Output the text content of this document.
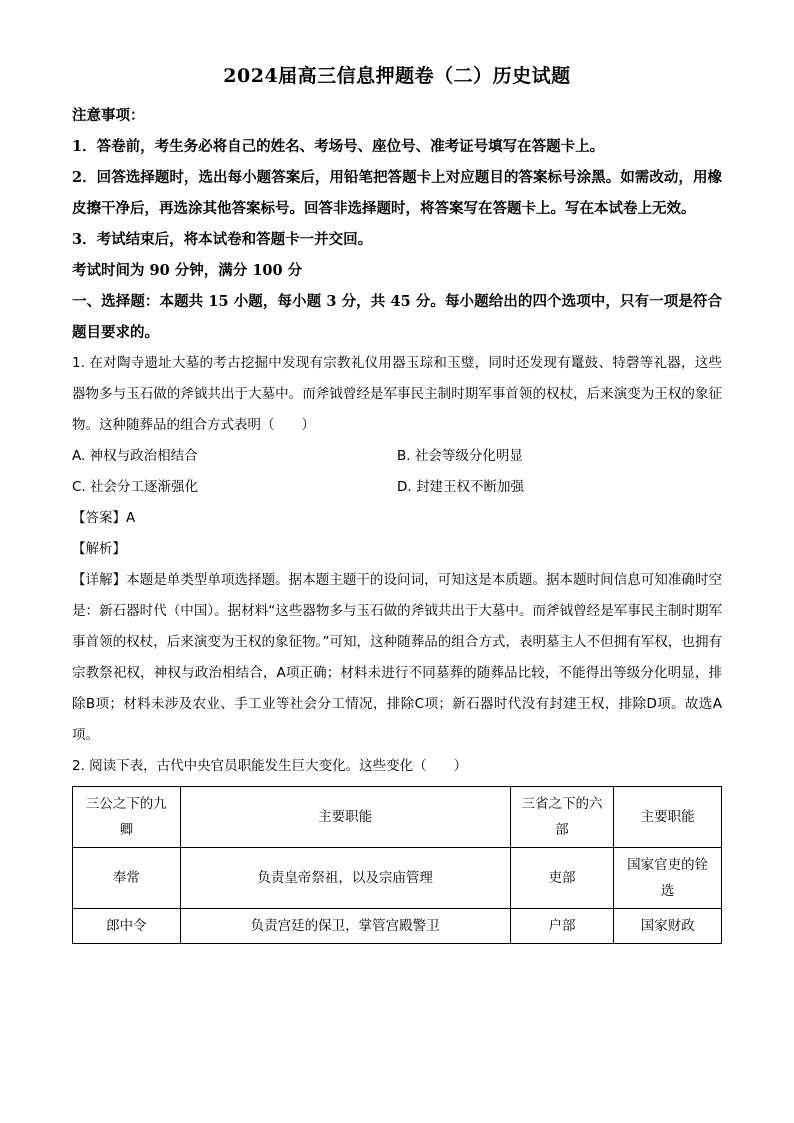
2024届高三信息押题卷（二）历史试题

注意事项：

1．答卷前，考生务必将自己的姓名、考场号、座位号、准考证号填写在答题卡上。

2．回答选择题时，选出每小题答案后，用铅笔把答题卡上对应题目的答案标号涂黑。如需改动，用橡皮擦干净后，再选涂其他答案标号。回答非选择题时，将答案写在答题卡上。写在本试卷上无效。

3．考试结束后，将本试卷和答题卡一并交回。

考试时间为 90 分钟，满分 100 分

一、选择题：本题共 15 小题，每小题 3 分，共 45 分。每小题给出的四个选项中，只有一项是符合题目要求的。

1. 在对陶寺遗址大墓的考古挖掘中发现有宗教礼仪用器玉琮和玉璧，同时还发现有鼍鼓、特磬等礼器，这些器物多与玉石做的斧钺共出于大墓中。而斧钺曾经是军事民主制时期军事首领的权杖，后来演变为王权的象征物。这种随葬品的组合方式表明（　　）

A. 神权与政治相结合	B. 社会等级分化明显
C. 社会分工逐渐强化	D. 封建王权不断加强

【答案】A

【解析】

【详解】本题是单类型单项选择题。据本题主题干的设问词，可知这是本质题。据本题时间信息可知准确时空是：新石器时代（中国）。据材料“这些器物多与玉石做的斧钺共出于大墓中。而斧钺曾经是军事民主制时期军事首领的权杖，后来演变为王权的象征物。”可知，这种随葬品的组合方式，表明墓主人不但拥有军权，也拥有宗教祭祀权，神权与政治相结合，A项正确；材料未进行不同墓葬的随葬品比较，不能得出等级分化明显，排除B项；材料未涉及农业、手工业等社会分工情况，排除C项；新石器时代没有封建王权，排除D项。故选A项。

2. 阅读下表，古代中央官员职能发生巨大变化。这些变化（　　）

三公之下的九卿	主要职能	三省之下的六部	主要职能
奉常	负责皇帝祭祖，以及宗庙管理	吏部	国家官吏的铨选
郎中令	负责宫廷的保卫，掌管宫殿警卫	户部	国家财政
